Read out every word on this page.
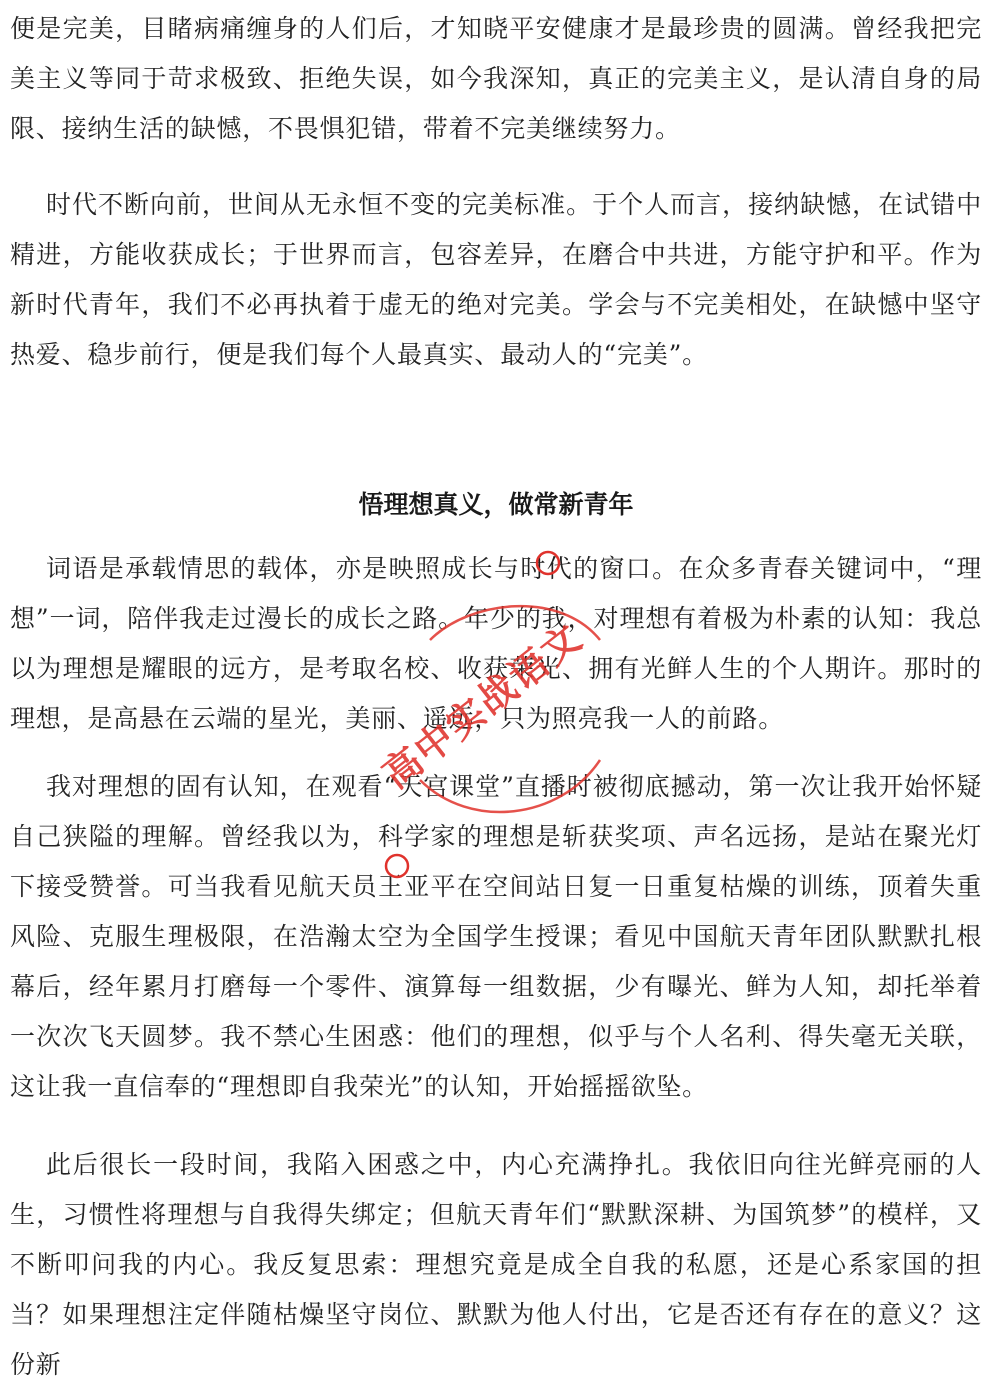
便是完美，目睹病痛缠身的人们后，才知晓平安健康才是最珍贵的圆满。曾经我把完美主义等同于苛求极致、拒绝失误，如今我深知，真正的完美主义，是认清自身的局限、接纳生活的缺憾，不畏惧犯错，带着不完美继续努力。

时代不断向前，世间从无永恒不变的完美标准。于个人而言，接纳缺憾，在试错中精进，方能收获成长；于世界而言，包容差异，在磨合中共进，方能守护和平。作为新时代青年，我们不必再执着于虚无的绝对完美。学会与不完美相处，在缺憾中坚守热爱、稳步前行，便是我们每个人最真实、最动人的“完美”。

悟理想真义，做常新青年

词语是承载情思的载体，亦是映照成长与时代的窗口。在众多青春关键词中，“理想”一词，陪伴我走过漫长的成长之路。年少的我，对理想有着极为朴素的认知：我总以为理想是耀眼的远方，是考取名校、收获荣光、拥有光鲜人生的个人期许。那时的理想，是高悬在云端的星光，美丽、遥远，只为照亮我一人的前路。

我对理想的固有认知，在观看“天宫课堂”直播时被彻底撼动，第一次让我开始怀疑自己狭隘的理解。曾经我以为，科学家的理想是斩获奖项、声名远扬，是站在聚光灯下接受赞誉。可当我看见航天员王亚平在空间站日复一日重复枯燥的训练，顶着失重风险、克服生理极限，在浩瀚太空为全国学生授课；看见中国航天青年团队默默扎根幕后，经年累月打磨每一个零件、演算每一组数据，少有曝光、鲜为人知，却托举着一次次飞天圆梦。我不禁心生困惑：他们的理想，似乎与个人名利、得失毫无关联，这让我一直信奉的“理想即自我荣光”的认知，开始摇摇欲坠。

此后很长一段时间，我陷入困惑之中，内心充满挣扎。我依旧向往光鲜亮丽的人生，习惯性将理想与自我得失绑定；但航天青年们“默默深耕、为国筑梦”的模样，又不断叩问我的内心。我反复思索：理想究竟是成全自我的私愿，还是心系家国的担当？如果理想注定伴随枯燥坚守岗位、默默为他人付出，它是否还有存在的意义？这份新

高中实战语文
